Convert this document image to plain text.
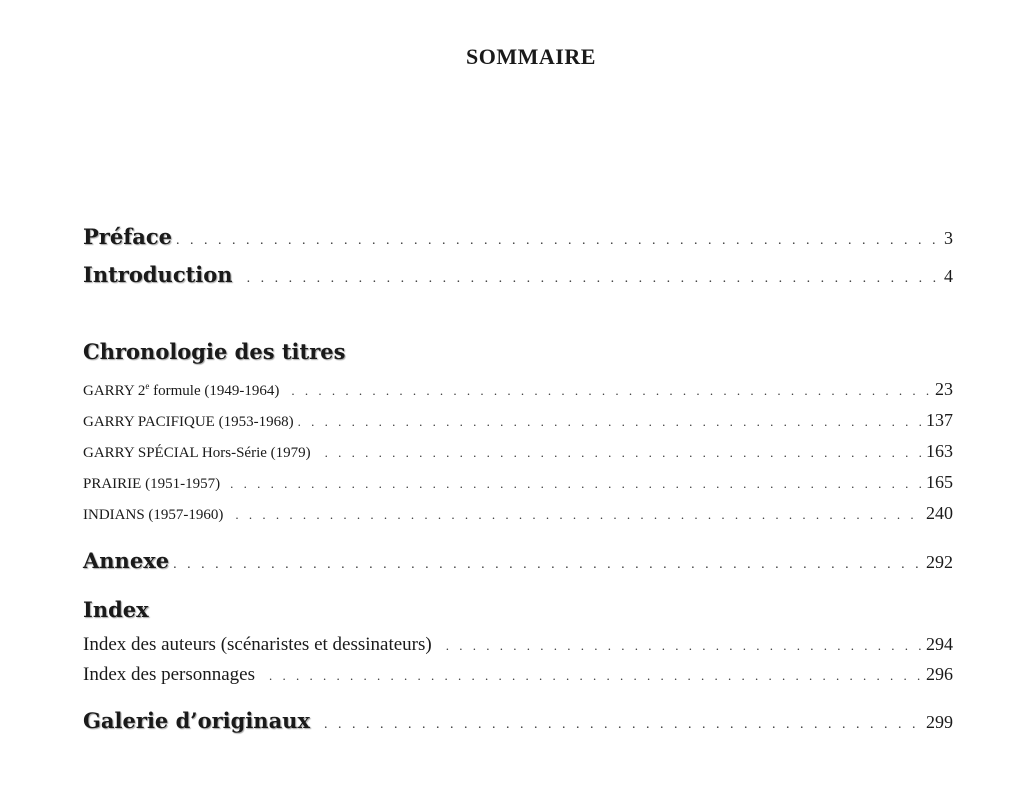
SOMMAIRE
Préface . . .	3
Introduction . . .	4
Chronologie des titres
GARRY 2e formule (1949-1964) . . .	23
GARRY PACIFIQUE (1953-1968) . . .	137
GARRY SPÉCIAL Hors-Série (1979) . . .	163
PRAIRIE (1951-1957) . . .	165
INDIANS (1957-1960) . . .	240
Annexe . . .	292
Index
Index des auteurs (scénaristes et dessinateurs) . . .	294
Index des personnages . . .	296
Galerie d’originaux . . .	299
